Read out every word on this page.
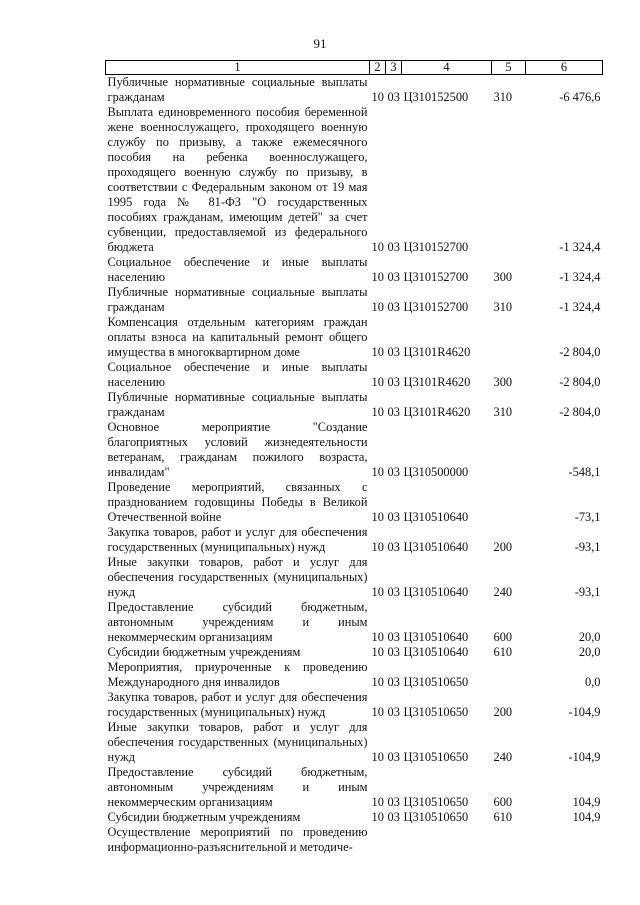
91
1	2	3	4	5	6
Публичные нормативные социальные выплаты гражданам	10	03	Ц310152500	310	-6 476,6
Выплата единовременного пособия беременной жене военнослужащего, проходящего военную службу по призыву, а также ежемесячного пособия на ребенка военнослужащего, проходящего военную службу по призыву, в соответствии с Федеральным законом от 19 мая 1995 года № 81-ФЗ "О государственных пособиях гражданам, имеющим детей" за счет субвенции, предоставляемой из федерального бюджета	10	03	Ц310152700		-1 324,4
Социальное обеспечение и иные выплаты населению	10	03	Ц310152700	300	-1 324,4
Публичные нормативные социальные выплаты гражданам	10	03	Ц310152700	310	-1 324,4
Компенсация отдельным категориям граждан оплаты взноса на капитальный ремонт общего имущества в многоквартирном доме	10	03	Ц3101R4620		-2 804,0
Социальное обеспечение и иные выплаты населению	10	03	Ц3101R4620	300	-2 804,0
Публичные нормативные социальные выплаты гражданам	10	03	Ц3101R4620	310	-2 804,0
Основное мероприятие "Создание благоприятных условий жизнедеятельности ветеранам, гражданам пожилого возраста, инвалидам"	10	03	Ц310500000		-548,1
Проведение мероприятий, связанных с празднованием годовщины Победы в Великой Отечественной войне	10	03	Ц310510640		-73,1
Закупка товаров, работ и услуг для обеспечения государственных (муниципальных) нужд	10	03	Ц310510640	200	-93,1
Иные закупки товаров, работ и услуг для обеспечения государственных (муниципальных) нужд	10	03	Ц310510640	240	-93,1
Предоставление субсидий бюджетным, автономным учреждениям и иным некоммерческим организациям	10	03	Ц310510640	600	20,0
Субсидии бюджетным учреждениям	10	03	Ц310510640	610	20,0
Мероприятия, приуроченные к проведению Международного дня инвалидов	10	03	Ц310510650		0,0
Закупка товаров, работ и услуг для обеспечения государственных (муниципальных) нужд	10	03	Ц310510650	200	-104,9
Иные закупки товаров, работ и услуг для обеспечения государственных (муниципальных) нужд	10	03	Ц310510650	240	-104,9
Предоставление субсидий бюджетным, автономным учреждениям и иным некоммерческим организациям	10	03	Ц310510650	600	104,9
Субсидии бюджетным учреждениям	10	03	Ц310510650	610	104,9
Осуществление мероприятий по проведению информационно-разъяснительной и методиче-					
